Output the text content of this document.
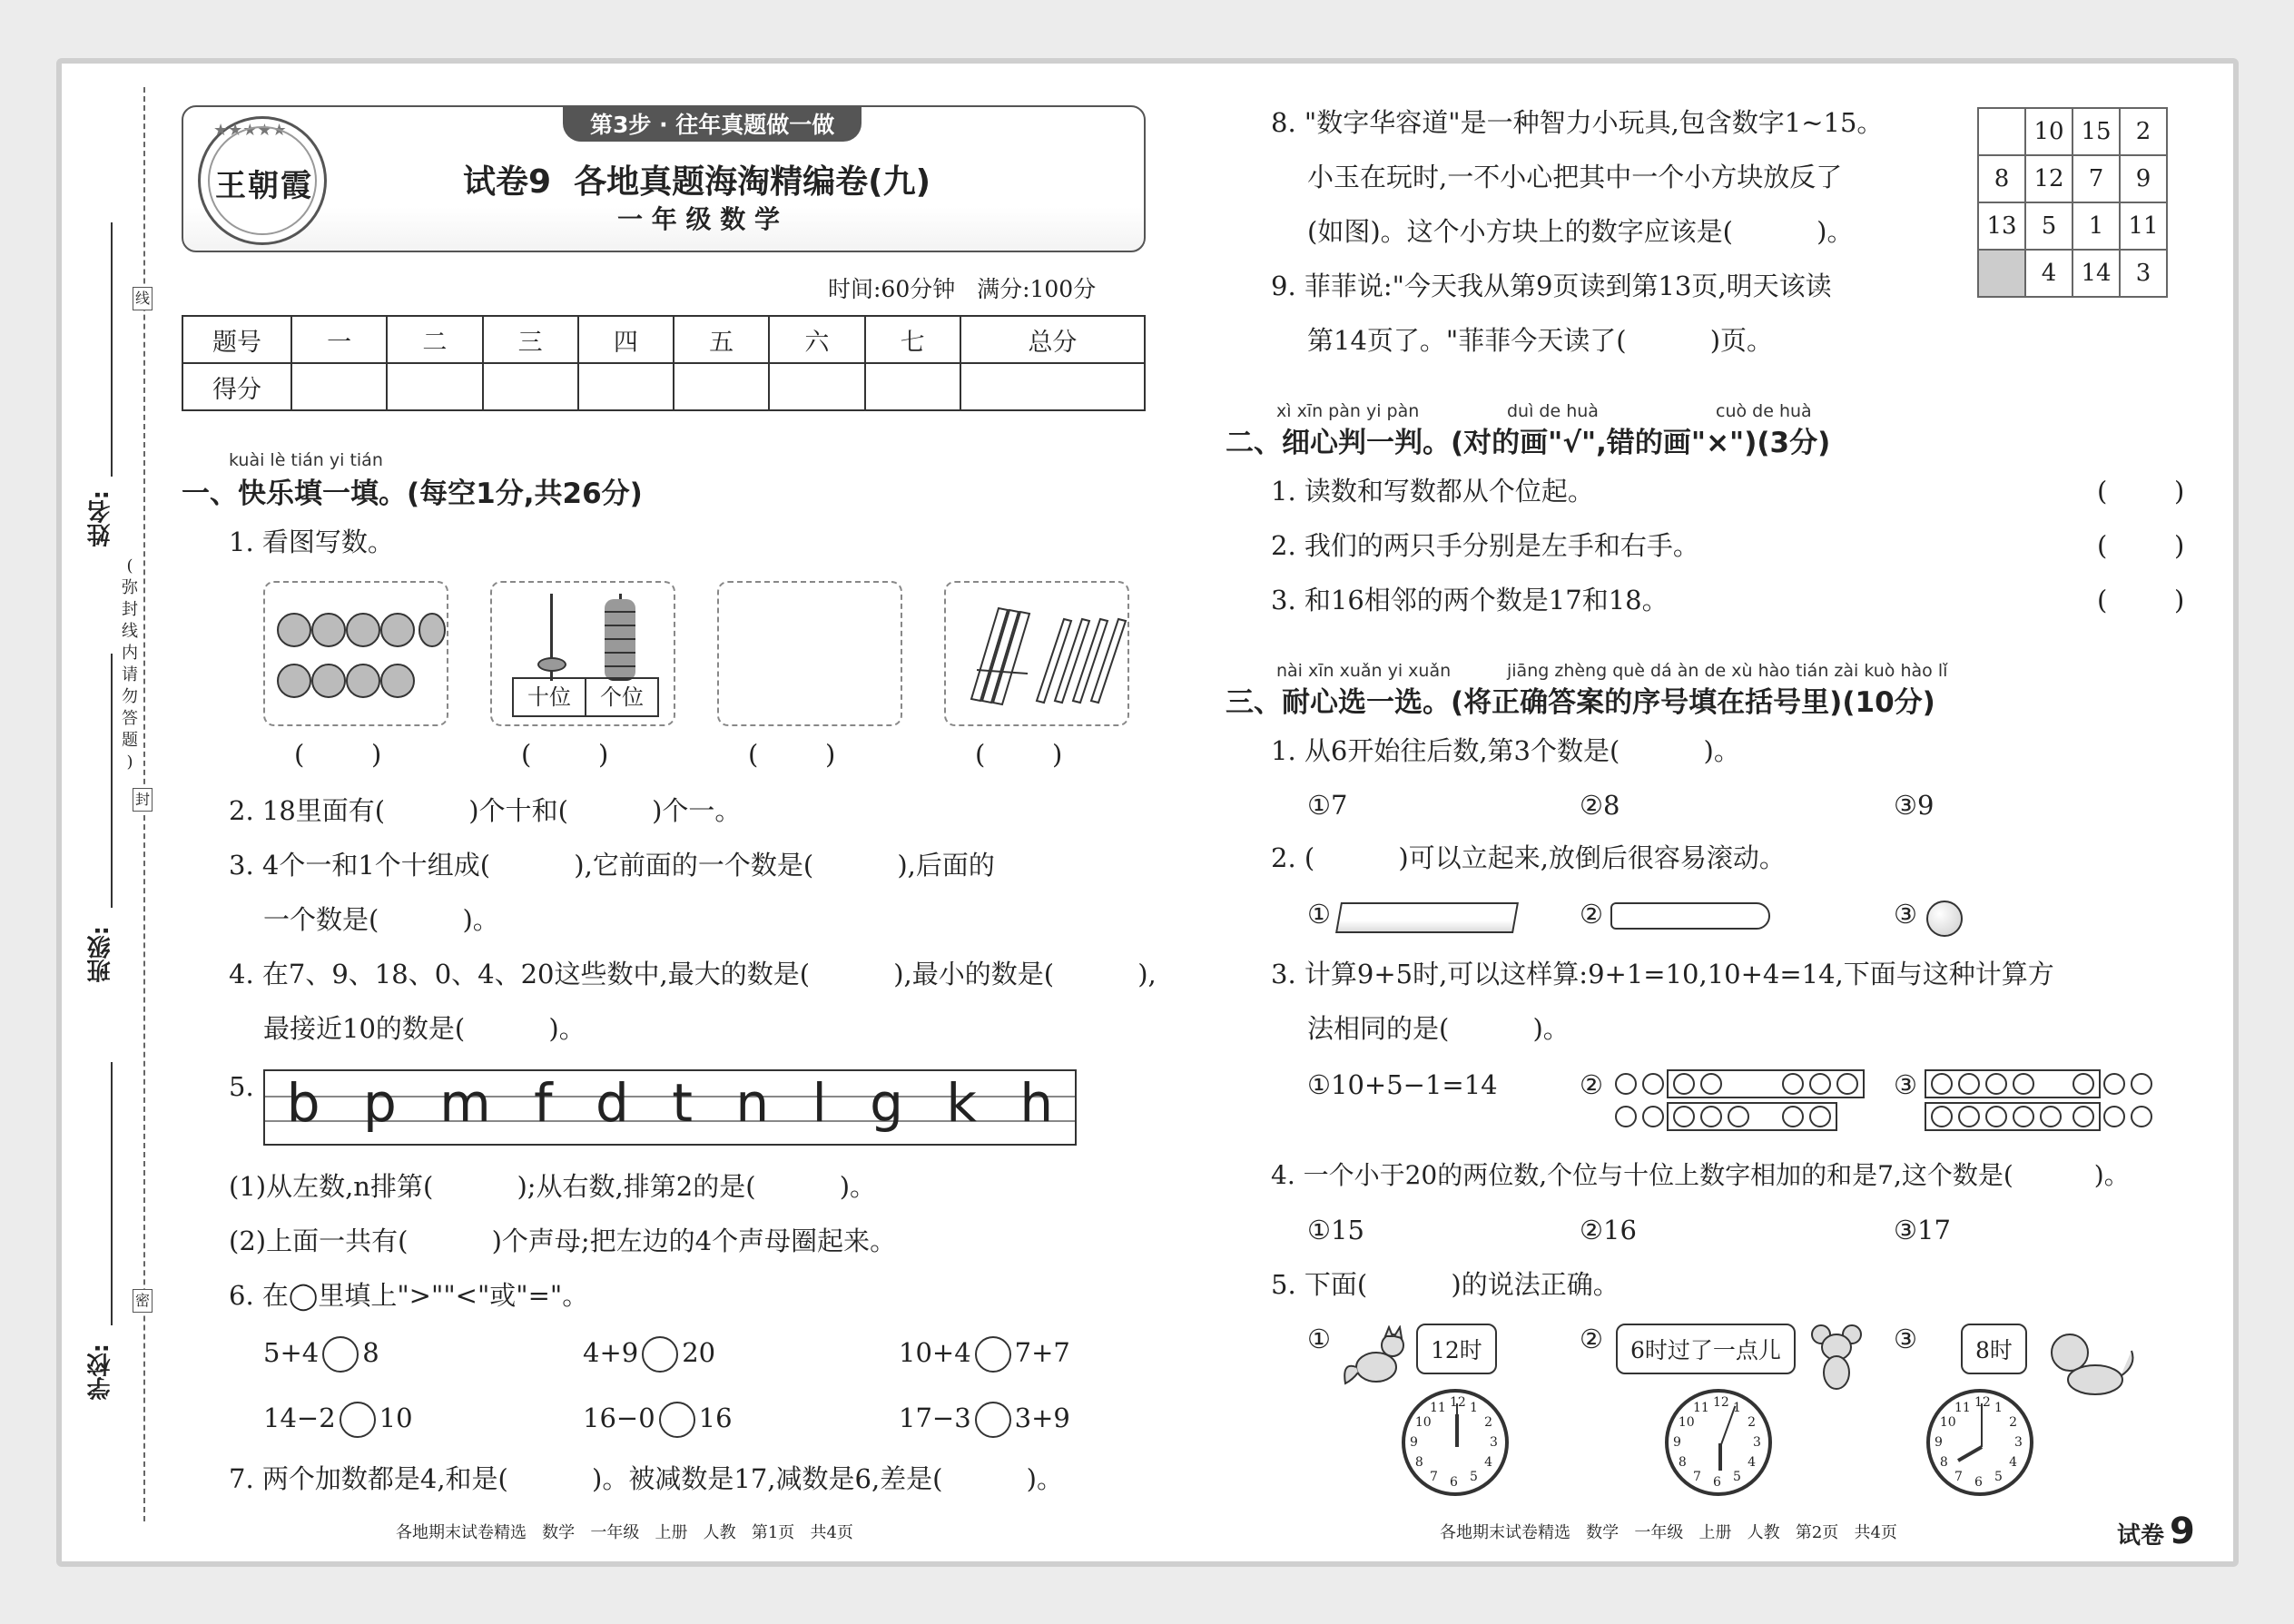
姓名:
班级:
学校:
线
封
密
(
弥
封
线
内
请
勿
答
题
)
★★★★★
王朝霞
第3步 · 往年真题做一做
试卷9  各地真题海淘精编卷(九)
一 年 级 数 学
时间:60分钟   满分:100分
题号	一	二	三	四	五	六	七	总分
得分								
kuài lè tián yi tián
一、快乐填一填。(每空1分,共26分)
1. 看图写数。
十位	个位
(        )	(        )	(        )	(        )
2. 18里面有(          )个十和(          )个一。
3. 4个一和1个十组成(          ),它前面的一个数是(          ),后面的
一个数是(          )。
4. 在7、9、18、0、4、20这些数中,最大的数是(          ),最小的数是(          ),
最接近10的数是(          )。
5. b p m f d t n l g k h
(1)从左数,n排第(          );从右数,排第2的是(          )。
(2)上面一共有(          )个声母;把左边的4个声母圈起来。
6. 在◯里填上">""<"或"="。
5+4 8	4+9 20	10+4 7+7
14−2 10	16−0 16	17−3 3+9
7. 两个加数都是4,和是(          )。被减数是17,减数是6,差是(          )。
各地期末试卷精选   数学   一年级   上册   人教   第1页   共4页
8. "数字华容道"是一种智力小玩具,包含数字1~15。
小玉在玩时,一不小心把其中一个小方块放反了
(如图)。这个小方块上的数字应该是(          )。
	10	15	2
8	12	7	9
13	5	1	11
	4	14	3
9. 菲菲说:"今天我从第9页读到第13页,明天该读
第14页了。"菲菲今天读了(          )页。
xì xīn pàn yi pàn	duì de huà	cuò de huà
二、细心判一判。(对的画"√",错的画"×")(3分)
1. 读数和写数都从个位起。	(        )
2. 我们的两只手分别是左手和右手。	(        )
3. 和16相邻的两个数是17和18。	(        )
nài xīn xuǎn yi xuǎn	jiāng zhèng què dá àn de xù hào tián zài kuò hào lǐ
三、耐心选一选。(将正确答案的序号填在括号里)(10分)
1. 从6开始往后数,第3个数是(          )。
①7	②8	③9
2. (          )可以立起来,放倒后很容易滚动。
①	②	③
3. 计算9+5时,可以这样算:9+1=10,10+4=14,下面与这种计算方
法相同的是(          )。
①10+5−1=14	②	③
4. 一个小于20的两位数,个位与十位上数字相加的和是7,这个数是(          )。
①15	②16	③17
5. 下面(          )的说法正确。
①	12时
1
2
3
4
5
6
7
8
9
10
11 12
②	6时过了一点儿
1
2
3
4
5
6
7
8
9
10
11 12
③	8时
1
2
3
4
5
6
7
8
9
10
11 12
各地期末试卷精选   数学   一年级   上册   人教   第2页   共4页	试卷 9
